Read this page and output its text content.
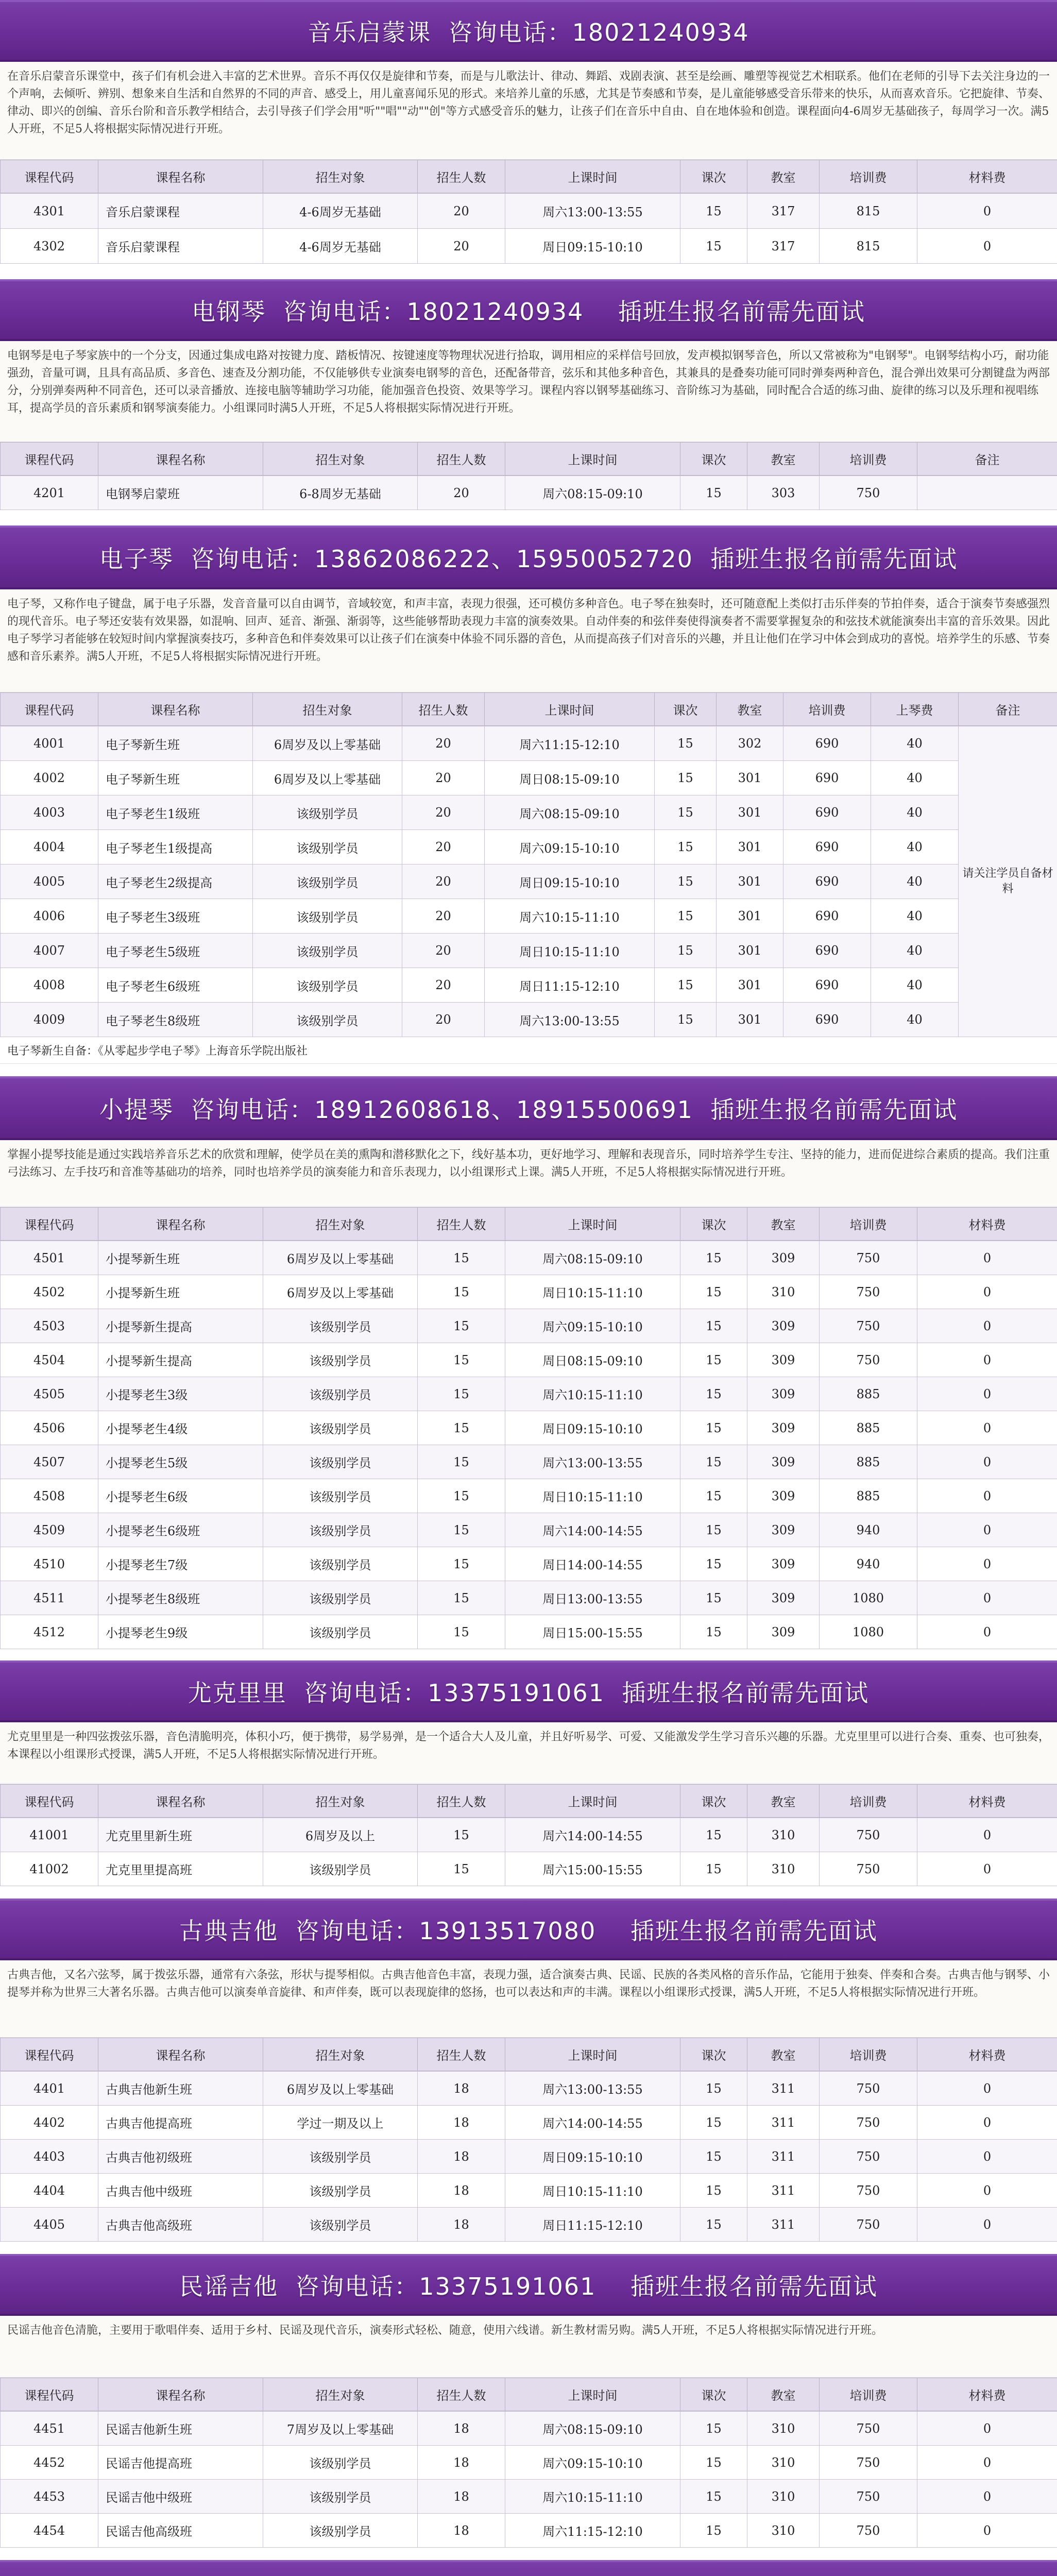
音乐启蒙课  咨询电话：18021240934
在音乐启蒙音乐课堂中，孩子们有机会进入丰富的艺术世界。音乐不再仅仅是旋律和节奏，而是与儿歌法计、律动、舞蹈、戏剧表演、甚至是绘画、雕塑等视觉艺术相联系。他们在老师的引导下去关注身边的一个声响，去倾听、辨别、想象来自生活和自然界的不同的声音、感受上，用儿童喜闻乐见的形式。来培养儿童的乐感，尤其是节奏感和节奏，是儿童能够感受音乐带来的快乐，从而喜欢音乐。它把旋律、节奏、律动、即兴的创编、音乐台阶和音乐教学相结合，去引导孩子们学会用"听""唱""动""创"等方式感受音乐的魅力，让孩子们在音乐中自由、自在地体验和创造。课程面向4-6周岁无基础孩子，每周学习一次。满5人开班，不足5人将根据实际情况进行开班。
课程代码	课程名称	招生对象	招生人数	上课时间	课次	教室	培训费	材料费
4301	音乐启蒙课程	4-6周岁无基础	20	周六13:00-13:55	15	317	815	0
4302	音乐启蒙课程	4-6周岁无基础	20	周日09:15-10:10	15	317	815	0
电钢琴  咨询电话：18021240934    插班生报名前需先面试
电钢琴是电子琴家族中的一个分支，因通过集成电路对按键力度、踏板情况、按键速度等物理状况进行拾取，调用相应的采样信号回放，发声模拟钢琴音色，所以又常被称为"电钢琴"。电钢琴结构小巧，耐功能强劲，音量可调，且具有高品质、多音色、速查及分割功能，不仅能够供专业演奏电钢琴的音色，还配备带音，弦乐和其他多种音色，其兼具的是叠奏功能可同时弹奏两种音色，混合弹出效果可分割键盘为两部分，分别弹奏两种不同音色，还可以录音播放、连接电脑等辅助学习功能，能加强音色投资、效果等学习。课程内容以钢琴基础练习、音阶练习为基础，同时配合合适的练习曲、旋律的练习以及乐理和视唱练耳，提高学员的音乐素质和钢琴演奏能力。小组课同时满5人开班，不足5人将根据实际情况进行开班。
课程代码	课程名称	招生对象	招生人数	上课时间	课次	教室	培训费	备注
4201	电钢琴启蒙班	6-8周岁无基础	20	周六08:15-09:10	15	303	750	
电子琴  咨询电话：13862086222、15950052720  插班生报名前需先面试
电子琴，又称作电子键盘，属于电子乐器，发音音量可以自由调节，音域较宽，和声丰富，表现力很强，还可模仿多种音色。电子琴在独奏时，还可随意配上类似打击乐伴奏的节拍伴奏，适合于演奏节奏感强烈的现代音乐。电子琴还安装有效果器，如混响、回声、延音、渐强、渐弱等，这些能够帮助表现力丰富的演奏效果。自动伴奏的和弦伴奏使得演奏者不需要掌握复杂的和弦技术就能演奏出丰富的音乐效果。因此电子琴学习者能够在较短时间内掌握演奏技巧，多种音色和伴奏效果可以让孩子们在演奏中体验不同乐器的音色，从而提高孩子们对音乐的兴趣，并且让他们在学习中体会到成功的喜悦。培养学生的乐感、节奏感和音乐素养。满5人开班，不足5人将根据实际情况进行开班。
课程代码	课程名称	招生对象	招生人数	上课时间	课次	教室	培训费	上琴费	备注
4001	电子琴新生班	6周岁及以上零基础	20	周六11:15-12:10	15	302	690	40	请关注学员自备材料
4002	电子琴新生班	6周岁及以上零基础	20	周日08:15-09:10	15	301	690	40	
4003	电子琴老生1级班	该级别学员	20	周六08:15-09:10	15	301	690	40	
4004	电子琴老生1级提高	该级别学员	20	周六09:15-10:10	15	301	690	40	
4005	电子琴老生2级提高	该级别学员	20	周日09:15-10:10	15	301	690	40	
4006	电子琴老生3级班	该级别学员	20	周六10:15-11:10	15	301	690	40	
4007	电子琴老生5级班	该级别学员	20	周日10:15-11:10	15	301	690	40	
4008	电子琴老生6级班	该级别学员	20	周日11:15-12:10	15	301	690	40	
4009	电子琴老生8级班	该级别学员	20	周六13:00-13:55	15	301	690	40	
电子琴新生自备：《从零起步学电子琴》上海音乐学院出版社
小提琴  咨询电话：18912608618、18915500691  插班生报名前需先面试
掌握小提琴技能是通过实践培养音乐艺术的欣赏和理解，使学员在美的熏陶和潜移默化之下，线好基本功，更好地学习、理解和表现音乐，同时培养学生专注、坚持的能力，进而促进综合素质的提高。我们注重弓法练习、左手技巧和音准等基础功的培养，同时也培养学员的演奏能力和音乐表现力，以小组课形式上课。满5人开班，不足5人将根据实际情况进行开班。
课程代码	课程名称	招生对象	招生人数	上课时间	课次	教室	培训费	材料费
4501	小提琴新生班	6周岁及以上零基础	15	周六08:15-09:10	15	309	750	0
4502	小提琴新生班	6周岁及以上零基础	15	周日10:15-11:10	15	310	750	0
4503	小提琴新生提高	该级别学员	15	周六09:15-10:10	15	309	750	0
4504	小提琴新生提高	该级别学员	15	周日08:15-09:10	15	309	750	0
4505	小提琴老生3级	该级别学员	15	周六10:15-11:10	15	309	885	0
4506	小提琴老生4级	该级别学员	15	周日09:15-10:10	15	309	885	0
4507	小提琴老生5级	该级别学员	15	周六13:00-13:55	15	309	885	0
4508	小提琴老生6级	该级别学员	15	周日10:15-11:10	15	309	885	0
4509	小提琴老生6级班	该级别学员	15	周六14:00-14:55	15	309	940	0
4510	小提琴老生7级	该级别学员	15	周日14:00-14:55	15	309	940	0
4511	小提琴老生8级班	该级别学员	15	周日13:00-13:55	15	309	1080	0
4512	小提琴老生9级	该级别学员	15	周日15:00-15:55	15	309	1080	0
尤克里里  咨询电话：13375191061  插班生报名前需先面试
尤克里里是一种四弦拨弦乐器，音色清脆明亮，体积小巧，便于携带，易学易弹，是一个适合大人及儿童，并且好听易学、可爱、又能激发学生学习音乐兴趣的乐器。尤克里里可以进行合奏、重奏、也可独奏，本课程以小组课形式授课，满5人开班，不足5人将根据实际情况进行开班。
课程代码	课程名称	招生对象	招生人数	上课时间	课次	教室	培训费	材料费
41001	尤克里里新生班	6周岁及以上	15	周六14:00-14:55	15	310	750	0
41002	尤克里里提高班	该级别学员	15	周六15:00-15:55	15	310	750	0
古典吉他  咨询电话：13913517080    插班生报名前需先面试
古典吉他，又名六弦琴，属于拨弦乐器，通常有六条弦，形状与提琴相似。古典吉他音色丰富，表现力强，适合演奏古典、民谣、民族的各类风格的音乐作品，它能用于独奏、伴奏和合奏。古典吉他与钢琴、小提琴并称为世界三大著名乐器。古典吉他可以演奏单音旋律、和声伴奏，既可以表现旋律的悠扬，也可以表达和声的丰满。课程以小组课形式授课，满5人开班，不足5人将根据实际情况进行开班。
课程代码	课程名称	招生对象	招生人数	上课时间	课次	教室	培训费	材料费
4401	古典吉他新生班	6周岁及以上零基础	18	周六13:00-13:55	15	311	750	0
4402	古典吉他提高班	学过一期及以上	18	周六14:00-14:55	15	311	750	0
4403	古典吉他初级班	该级别学员	18	周日09:15-10:10	15	311	750	0
4404	古典吉他中级班	该级别学员	18	周日10:15-11:10	15	311	750	0
4405	古典吉他高级班	该级别学员	18	周日11:15-12:10	15	311	750	0
民谣吉他  咨询电话：13375191061    插班生报名前需先面试
民谣吉他音色清脆，主要用于歌唱伴奏、适用于乡村、民谣及现代音乐，演奏形式轻松、随意，使用六线谱。新生教材需另购。满5人开班，不足5人将根据实际情况进行开班。
课程代码	课程名称	招生对象	招生人数	上课时间	课次	教室	培训费	材料费
4451	民谣吉他新生班	7周岁及以上零基础	18	周六08:15-09:10	15	310	750	0
4452	民谣吉他提高班	该级别学员	18	周六09:15-10:10	15	310	750	0
4453	民谣吉他中级班	该级别学员	18	周六10:15-11:10	15	310	750	0
4454	民谣吉他高级班	该级别学员	18	周六11:15-12:10	15	310	750	0
